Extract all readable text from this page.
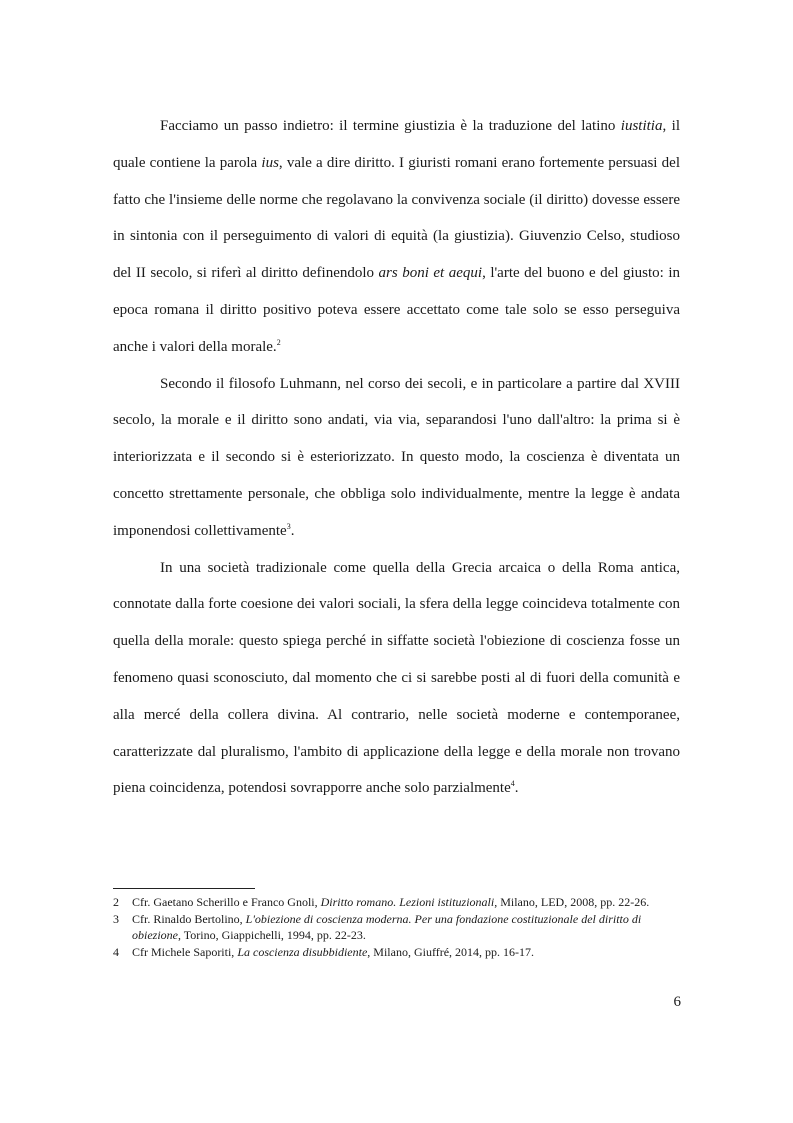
Facciamo un passo indietro: il termine giustizia è la traduzione del latino iustitia, il quale contiene la parola ius, vale a dire diritto. I giuristi romani erano fortemente persuasi del fatto che l'insieme delle norme che regolavano la convivenza sociale (il diritto) dovesse essere in sintonia con il perseguimento di valori di equità (la giustizia). Giuvenzio Celso, studioso del II secolo, si riferì al diritto definendolo ars boni et aequi, l'arte del buono e del giusto: in epoca romana il diritto positivo poteva essere accettato come tale solo se esso perseguiva anche i valori della morale.$^2$

Secondo il filosofo Luhmann, nel corso dei secoli, e in particolare a partire dal XVIII secolo, la morale e il diritto sono andati, via via, separandosi l'uno dall'altro: la prima si è interiorizzata e il secondo si è esteriorizzato. In questo modo, la coscienza è diventata un concetto strettamente personale, che obbliga solo individualmente, mentre la legge è andata imponendosi collettivamente$^3$.

In una società tradizionale come quella della Grecia arcaica o della Roma antica, connotate dalla forte coesione dei valori sociali, la sfera della legge coincideva totalmente con quella della morale: questo spiega perché in siffatte società l'obiezione di coscienza fosse un fenomeno quasi sconosciuto, dal momento che ci si sarebbe posti al di fuori della comunità e alla mercé della collera divina. Al contrario, nelle società moderne e contemporanee, caratterizzate dal pluralismo, l'ambito di applicazione della legge e della morale non trovano piena coincidenza, potendosi sovrapporre anche solo parzialmente$^4$.

2	Cfr. Gaetano Scherillo e Franco Gnoli, Diritto romano. Lezioni istituzionali, Milano, LED, 2008, pp. 22-26.
3	Cfr. Rinaldo Bertolino, L'obiezione di coscienza moderna. Per una fondazione costituzionale del diritto di obiezione, Torino, Giappichelli, 1994, pp. 22-23.
4	Cfr Michele Saporiti, La coscienza disubbidiente, Milano, Giuffré, 2014, pp. 16-17.
6
